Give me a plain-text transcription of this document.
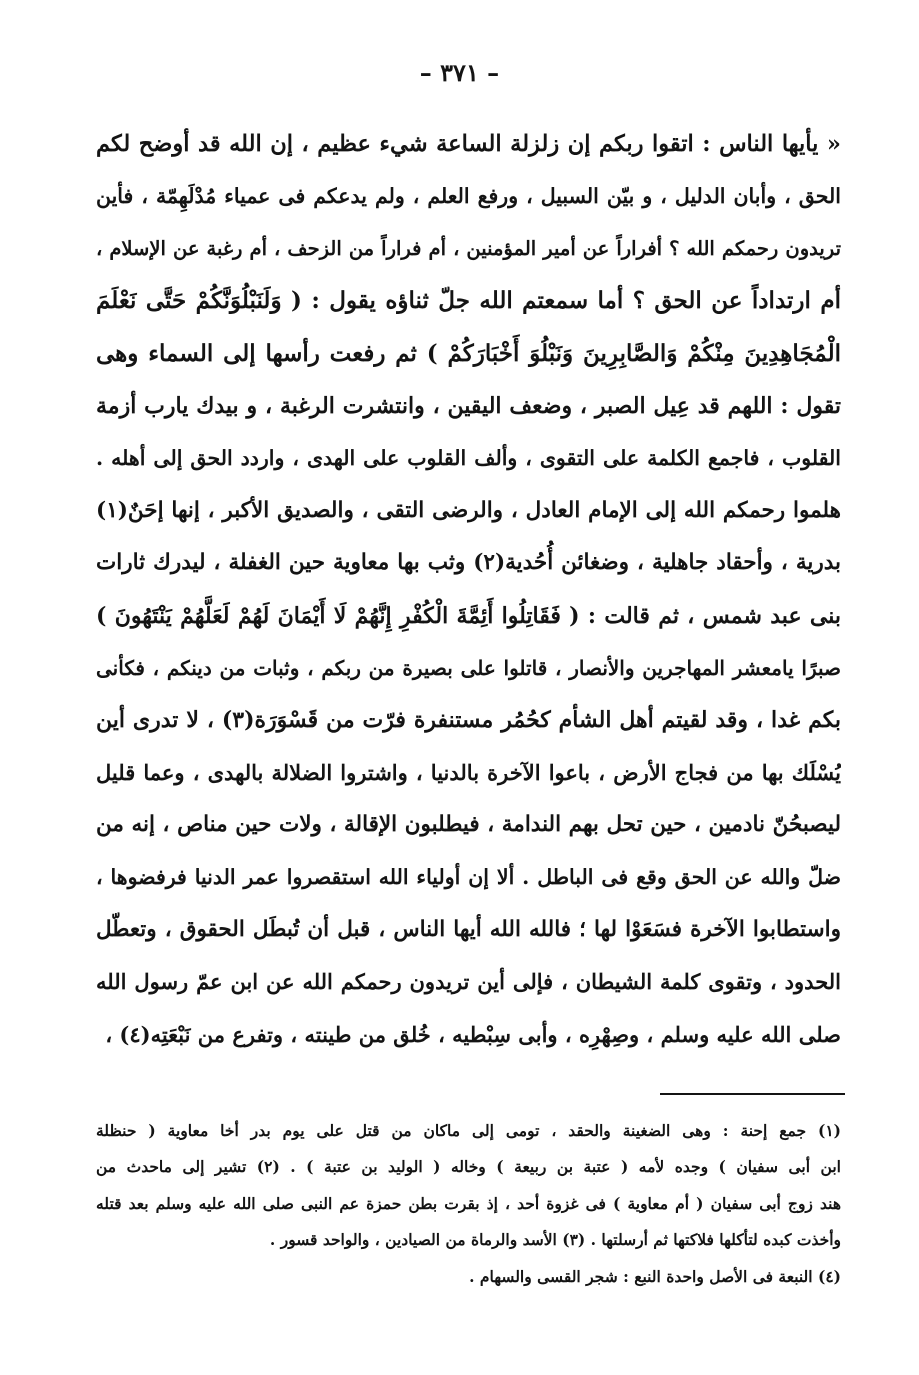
– ٣٧١ –
« يأيها الناس : اتقوا ربكم إن زلزلة الساعة شيء عظيم ، إن الله قد أوضح لكم
الحق ، وأبان الدليل ، و بيّن السبيل ، ورفع العلم ، ولم يدعكم فى عمياء مُدْلَهِمّة ، فأين
تريدون رحمكم الله ؟ أفراراً عن أمير المؤمنين ، أم فراراً من الزحف ، أم رغبة عن الإسلام ،
أم ارتداداً عن الحق ؟ أما سمعتم الله جلّ ثناؤه يقول : ( وَلَنَبْلُوَنَّكُمْ حَتَّى نَعْلَمَ
الْمُجَاهِدِينَ مِنْكُمْ وَالصَّابِرِينَ وَنَبْلُوَ أَخْبَارَكُمْ ) ثم رفعت رأسها إلى السماء وهى
تقول : اللهم قد عِيل الصبر ، وضعف اليقين ، وانتشرت الرغبة ، و بيدك يارب أزمة
القلوب ، فاجمع الكلمة على التقوى ، وألف القلوب على الهدى ، واردد الحق إلى أهله .
هلموا رحمكم الله إلى الإمام العادل ، والرضى التقى ، والصديق الأكبر ، إنها إحَنٌ(١)
بدرية ، وأحقاد جاهلية ، وضغائن أُحُدية(٢) وثب بها معاوية حين الغفلة ، ليدرك ثارات
بنى عبد شمس ، ثم قالت : ( فَقَاتِلُوا أَئِمَّةَ الْكُفْرِ إِنَّهُمْ لَا أَيْمَانَ لَهُمْ لَعَلَّهُمْ يَنْتَهُونَ )
صبرًا يامعشر المهاجرين والأنصار ، قاتلوا على بصيرة من ربكم ، وثبات من دينكم ، فكأنى
بكم غدا ، وقد لقيتم أهل الشأم كحُمُر مستنفرة فرّت من قَسْوَرَة(٣) ، لا تدرى أين
يُسْلَك بها من فجاج الأرض ، باعوا الآخرة بالدنيا ، واشتروا الضلالة بالهدى ، وعما قليل
ليصبحُنّ نادمين ، حين تحل بهم الندامة ، فيطلبون الإقالة ، ولات حين مناص ، إنه من
ضلّ والله عن الحق وقع فى الباطل . ألا إن أولياء الله استقصروا عمر الدنيا فرفضوها ،
واستطابوا الآخرة فسَعَوْا لها ؛ فالله الله أيها الناس ، قبل أن تُبطَل الحقوق ، وتعطّل
الحدود ، وتقوى كلمة الشيطان ، فإلى أين تريدون رحمكم الله عن ابن عمّ رسول الله
صلى الله عليه وسلم ، وصِهْرِه ، وأبى سِبْطيه ، خُلق من طينته ، وتفرع من نَبْعَتِه(٤) ،
(١) جمع إحنة : وهى الضغينة والحقد ، تومى إلى ماكان من قتل على يوم بدر أخا معاوية ( حنظلة
ابن أبى سفيان ) وجده لأمه ( عتبة بن ربيعة ) وخاله ( الوليد بن عتبة ) . (٢) تشير إلى ماحدث من
هند زوج أبى سفيان ( أم معاوية ) فى غزوة أحد ، إذ بقرت بطن حمزة عم النبى صلى الله عليه وسلم بعد قتله
وأخذت كبده لتأكلها فلاكتها ثم أرسلتها . (٣) الأسد والرماة من الصيادين ، والواحد قسور .
(٤) النبعة فى الأصل واحدة النبع : شجر القسى والسهام .
